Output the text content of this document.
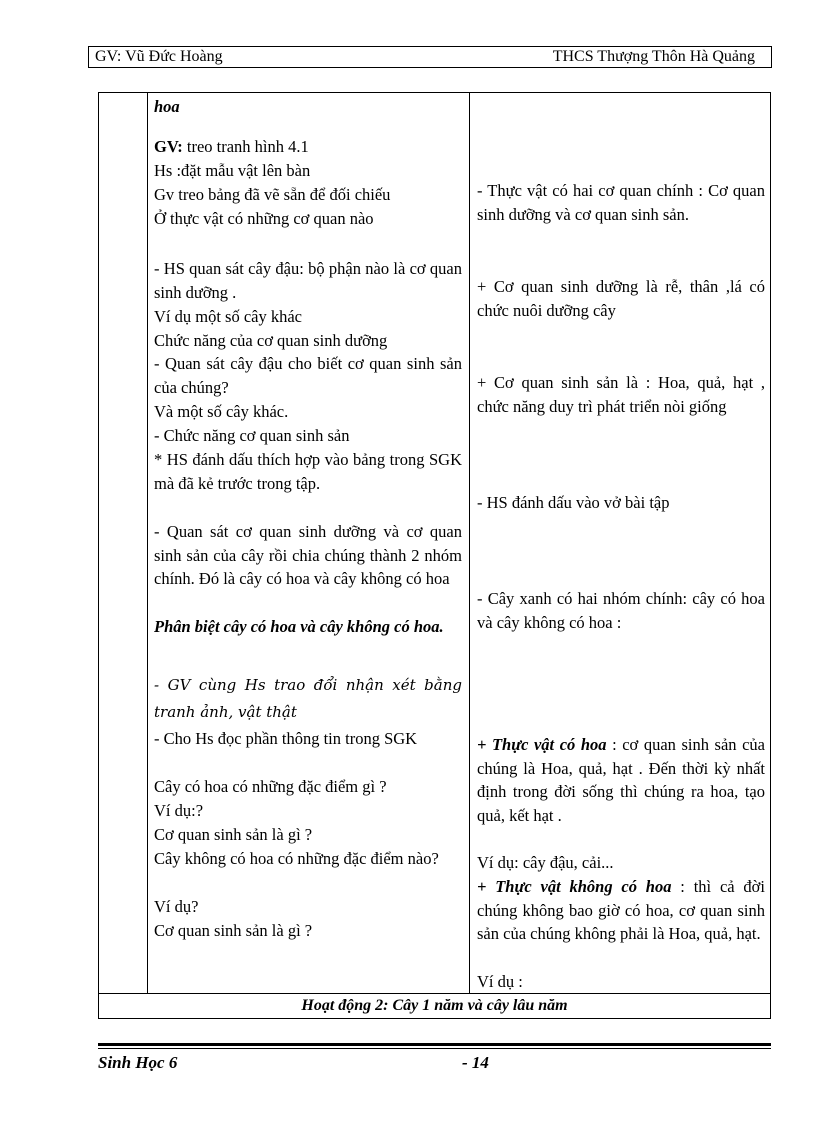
GV: Vũ Đức Hoàng	THCS Thượng Thôn Hà Quảng
hoa
GV: treo tranh hình 4.1
Hs :đặt mẫu vật lên bàn
Gv treo bảng đã vẽ sẵn để đối chiếu
Ở thực vật có những cơ quan nào
- HS quan sát cây đậu: bộ phận nào là cơ quan sinh dưỡng .
Ví dụ một số cây khác
Chức năng của cơ quan sinh dưỡng
- Quan sát cây đậu cho biết cơ quan sinh sản của chúng?
Và một số cây khác.
- Chức năng cơ quan sinh sản
* HS đánh dấu thích hợp vào bảng trong SGK mà đã kẻ trước trong tập.
- Quan sát cơ quan sinh dưỡng và cơ quan sinh sản của cây rồi chia chúng thành 2 nhóm chính. Đó là cây có hoa và cây không có hoa
Phân biệt cây có hoa và cây không có hoa.
- GV cùng Hs trao đổi nhận xét bằng tranh ảnh, vật thật
- Cho Hs đọc phần thông tin trong SGK
Cây có hoa có những đặc điểm gì ?
Ví dụ:?
Cơ quan sinh sản là gì ?
Cây không có hoa có những đặc điểm nào?
Ví dụ?
Cơ quan sinh sản là gì ?
- Thực vật có hai cơ quan chính : Cơ quan sinh dưỡng và cơ quan sinh sản.
+ Cơ quan sinh dưỡng là rễ, thân ,lá có chức nuôi dưỡng cây
+ Cơ quan sinh sản là : Hoa, quả, hạt , chức năng duy trì phát triển nòi giống
- HS đánh dấu vào vở bài tập
- Cây xanh có hai nhóm chính: cây có hoa và cây không có hoa :
+ Thực vật có hoa : cơ quan sinh sản của chúng là Hoa, quả, hạt . Đến thời kỳ nhất định trong đời sống thì chúng ra hoa, tạo quả, kết hạt .
Ví dụ: cây đậu, cải...
+ Thực vật không có hoa : thì cả đời chúng không bao giờ có hoa, cơ quan sinh sản của chúng không phải là Hoa, quả, hạt.
Ví dụ :
Hoạt động 2: Cây 1 năm và cây lâu năm
Sinh Học 6	- 14
